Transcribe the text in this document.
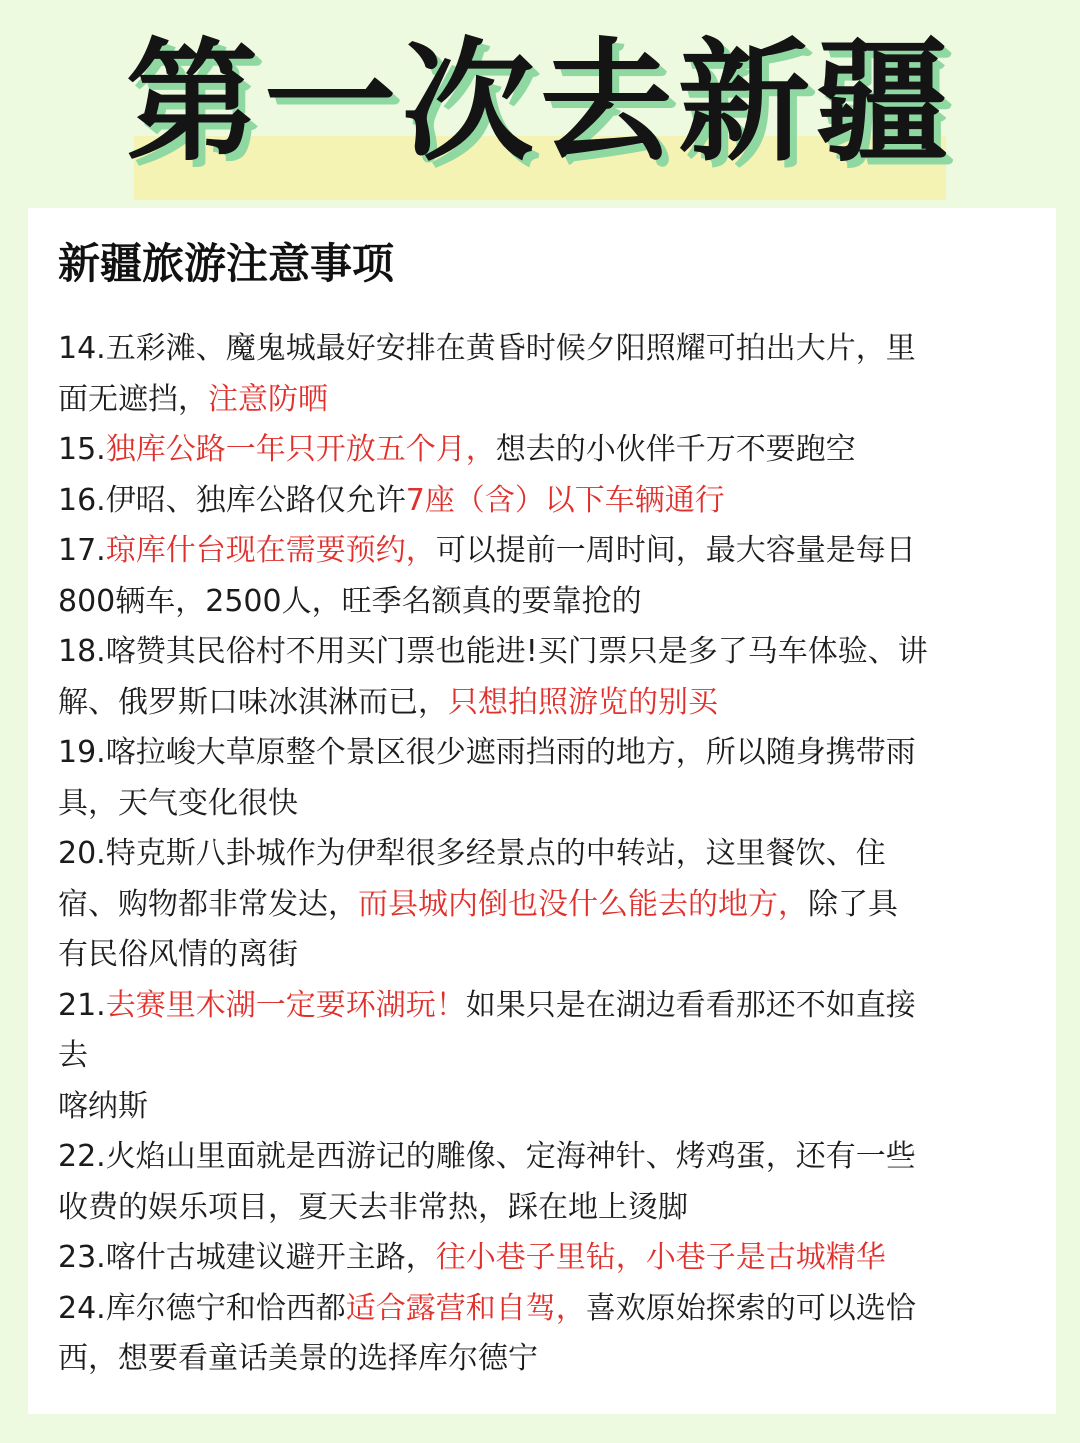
第一次去新疆
新疆旅游注意事项
14.五彩滩、魔鬼城最好安排在黄昏时候夕阳照耀可拍出大片，里
面无遮挡，注意防晒
15.独库公路一年只开放五个月，想去的小伙伴千万不要跑空
16.伊昭、独库公路仅允许7座（含）以下车辆通行
17.琼库什台现在需要预约，可以提前一周时间，最大容量是每日
800辆车，2500人，旺季名额真的要靠抢的
18.喀赞其民俗村不用买门票也能进!买门票只是多了马车体验、讲
解、俄罗斯口味冰淇淋而已，只想拍照游览的别买
19.喀拉峻大草原整个景区很少遮雨挡雨的地方，所以随身携带雨
具，天气变化很快
20.特克斯八卦城作为伊犁很多经景点的中转站，这里餐饮、住
宿、购物都非常发达，而县城内倒也没什么能去的地方，除了具
有民俗风情的离街
21.去赛里木湖一定要环湖玩！如果只是在湖边看看那还不如直接
去
喀纳斯
22.火焰山里面就是西游记的雕像、定海神针、烤鸡蛋，还有一些
收费的娱乐项目，夏天去非常热，踩在地上烫脚
23.喀什古城建议避开主路，往小巷子里钻，小巷子是古城精华
24.库尔德宁和恰西都适合露营和自驾，喜欢原始探索的可以选恰
西，想要看童话美景的选择库尔德宁
